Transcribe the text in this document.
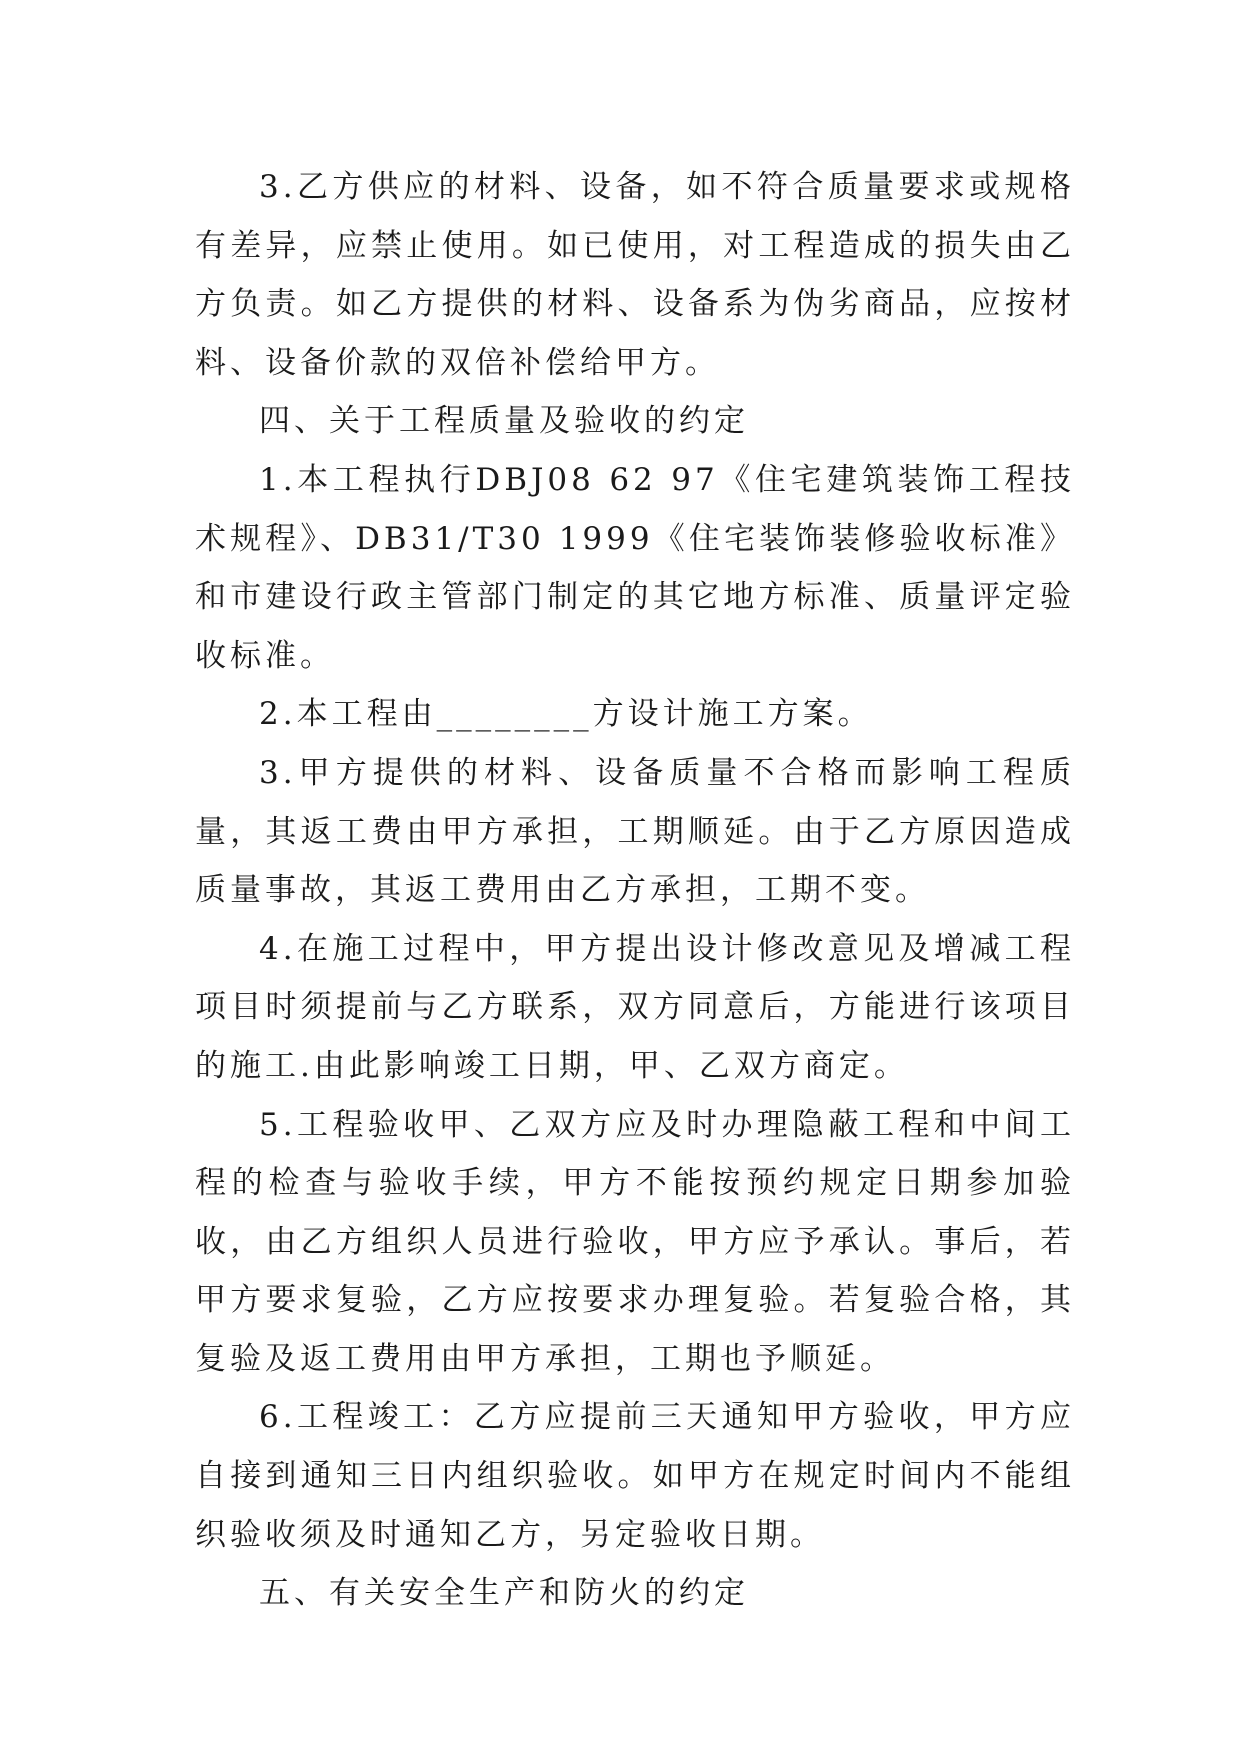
3.乙方供应的材料、设备，如不符合质量要求或规格有差异，应禁止使用。如已使用，对工程造成的损失由乙方负责。如乙方提供的材料、设备系为伪劣商品，应按材料、设备价款的双倍补偿给甲方。

四、关于工程质量及验收的约定

1.本工程执行DBJ08 62 97《住宅建筑装饰工程技术规程》、DB31/T30 1999《住宅装饰装修验收标准》和市建设行政主管部门制定的其它地方标准、质量评定验收标准。

2.本工程由________方设计施工方案。

3.甲方提供的材料、设备质量不合格而影响工程质量，其返工费由甲方承担，工期顺延。由于乙方原因造成质量事故，其返工费用由乙方承担，工期不变。

4.在施工过程中，甲方提出设计修改意见及增减工程项目时须提前与乙方联系，双方同意后，方能进行该项目的施工.由此影响竣工日期，甲、乙双方商定。

5.工程验收甲、乙双方应及时办理隐蔽工程和中间工程的检查与验收手续，甲方不能按预约规定日期参加验收，由乙方组织人员进行验收，甲方应予承认。事后，若甲方要求复验，乙方应按要求办理复验。若复验合格，其复验及返工费用由甲方承担，工期也予顺延。

6.工程竣工：乙方应提前三天通知甲方验收，甲方应自接到通知三日内组织验收。如甲方在规定时间内不能组织验收须及时通知乙方，另定验收日期。

五、有关安全生产和防火的约定
